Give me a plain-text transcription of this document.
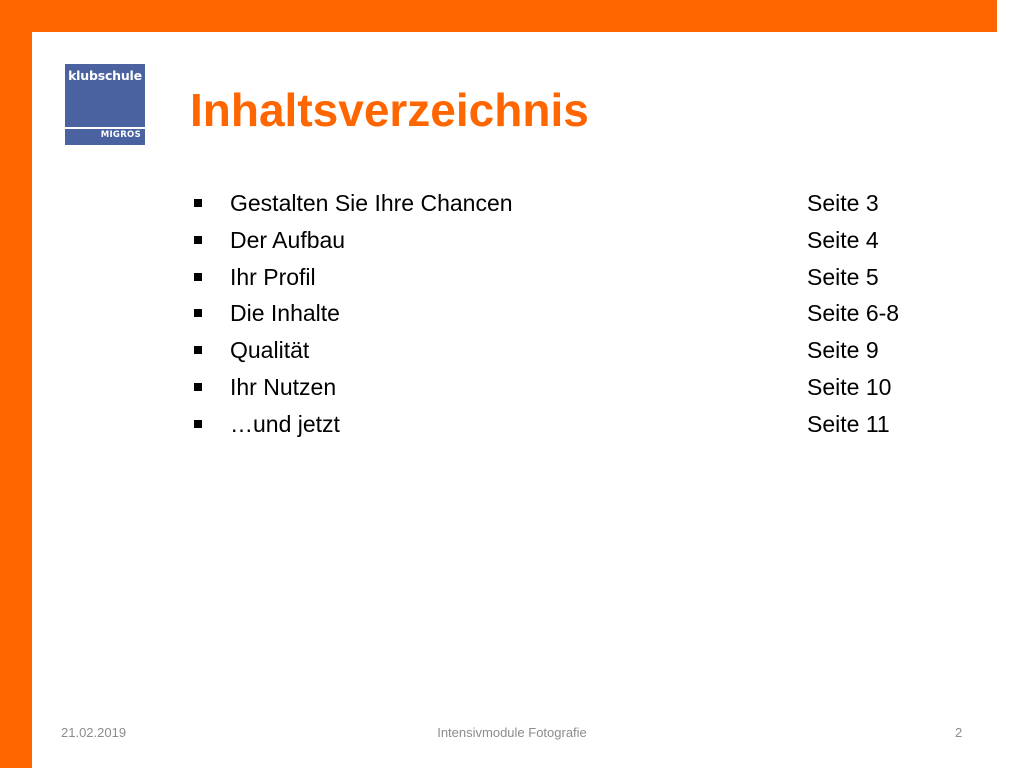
klubschule
MIGROS Inhaltsverzeichnis
Gestalten Sie Ihre Chancen	Seite 3
Der Aufbau	Seite 4
Ihr Profil	Seite 5
Die Inhalte	Seite 6-8
Qualität	Seite 9
Ihr Nutzen	Seite 10
…und jetzt	Seite 11
21.02.2019	Intensivmodule Fotografie	2
